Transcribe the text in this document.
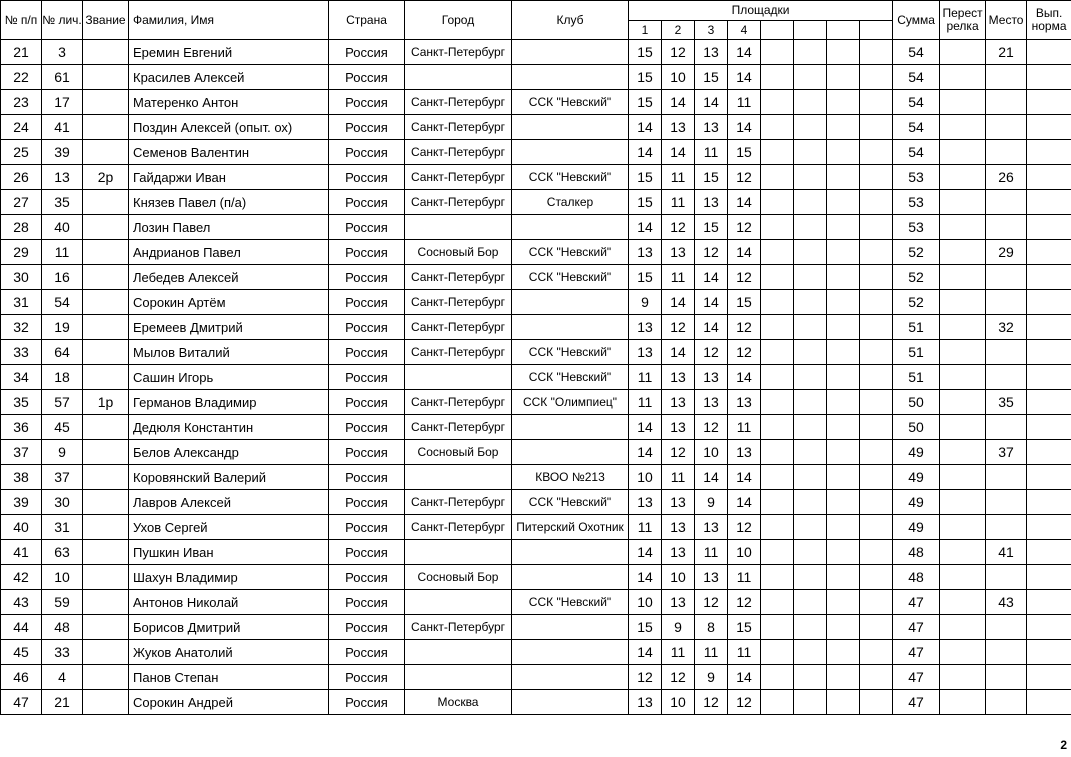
№ п/п	№ лич.	Звание	Фамилия, Имя	Страна	Город	Клуб	Площадки								Сумма	Перестрелка	Место	Вып. норма
							1	2	3	4								
21	3		Еремин Евгений	Россия	Санкт-Петербург		15	12	13	14					54		21	
22	61		Красилев Алексей	Россия			15	10	15	14					54			
23	17		Матеренко Антон	Россия	Санкт-Петербург	ССК "Невский"	15	14	14	11					54			
24	41		Поздин Алексей (опыт. ох)	Россия	Санкт-Петербург		14	13	13	14					54			
25	39		Семенов Валентин	Россия	Санкт-Петербург		14	14	11	15					54			
26	13	2р	Гайдаржи Иван	Россия	Санкт-Петербург	ССК "Невский"	15	11	15	12					53		26	
27	35		Князев Павел (п/а)	Россия	Санкт-Петербург	Сталкер	15	11	13	14					53			
28	40		Лозин Павел	Россия			14	12	15	12					53			
29	11		Андрианов Павел	Россия	Сосновый Бор	ССК "Невский"	13	13	12	14					52		29	
30	16		Лебедев Алексей	Россия	Санкт-Петербург	ССК "Невский"	15	11	14	12					52			
31	54		Сорокин Артём	Россия	Санкт-Петербург		9	14	14	15					52			
32	19		Еремеев Дмитрий	Россия	Санкт-Петербург		13	12	14	12					51		32	
33	64		Мылов Виталий	Россия	Санкт-Петербург	ССК "Невский"	13	14	12	12					51			
34	18		Сашин Игорь	Россия		ССК "Невский"	11	13	13	14					51			
35	57	1р	Германов Владимир	Россия	Санкт-Петербург	ССК "Олимпиец"	11	13	13	13					50		35	
36	45		Дедюля Константин	Россия	Санкт-Петербург		14	13	12	11					50			
37	9		Белов Александр	Россия	Сосновый Бор		14	12	10	13					49		37	
38	37		Коровянский Валерий	Россия		КВОО №213	10	11	14	14					49			
39	30		Лавров Алексей	Россия	Санкт-Петербург	ССК "Невский"	13	13	9	14					49			
40	31		Ухов Сергей	Россия	Санкт-Петербург	Питерский Охотник	11	13	13	12					49			
41	63		Пушкин Иван	Россия			14	13	11	10					48		41	
42	10		Шахун Владимир	Россия	Сосновый Бор		14	10	13	11					48			
43	59		Антонов Николай	Россия		ССК "Невский"	10	13	12	12					47		43	
44	48		Борисов Дмитрий	Россия	Санкт-Петербург		15	9	8	15					47			
45	33		Жуков Анатолий	Россия			14	11	11	11					47			
46	4		Панов Степан	Россия			12	12	9	14					47			
47	21		Сорокин Андрей	Россия	Москва		13	10	12	12					47			
2
